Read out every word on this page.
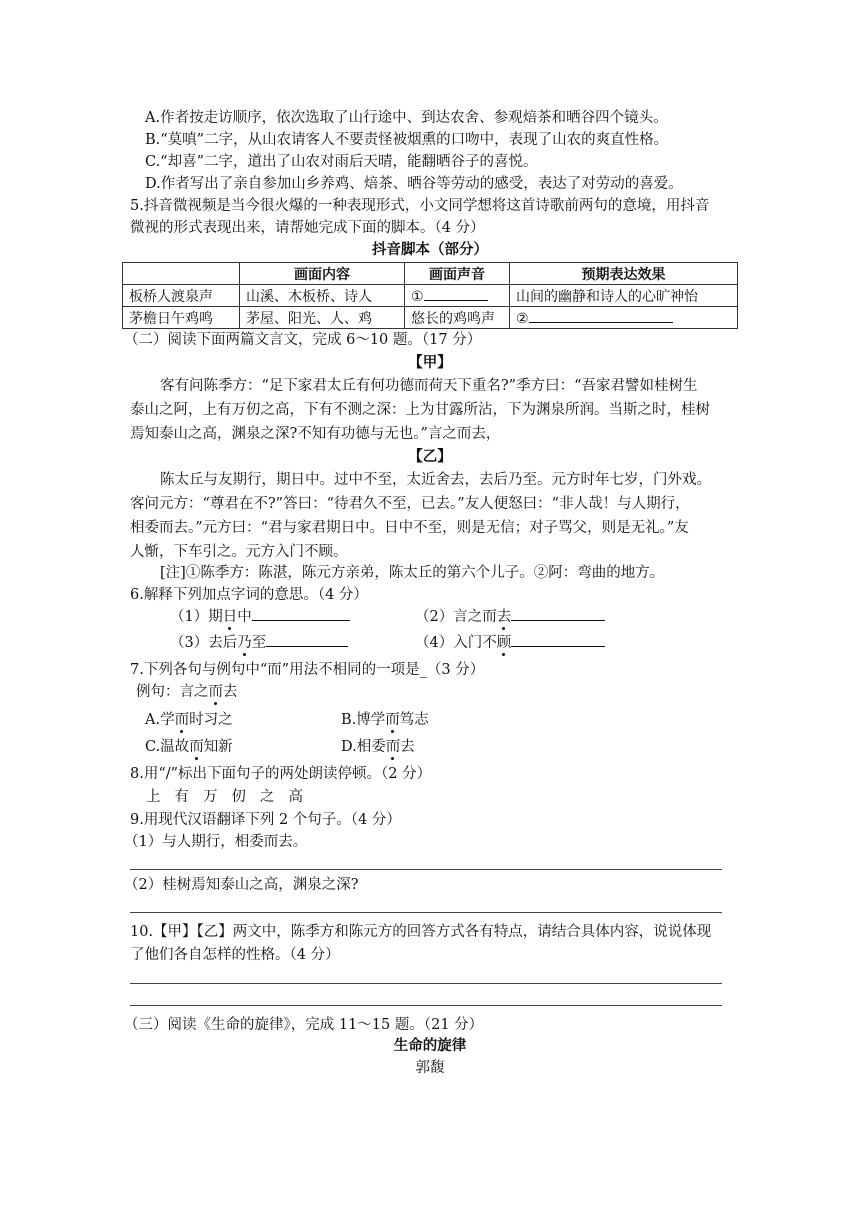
A.作者按走访顺序，依次选取了山行途中、到达农舍、参观焙茶和晒谷四个镜头。
B.“莫嗔”二字，从山农请客人不要责怪被烟熏的口吻中，表现了山农的爽直性格。
C.“却喜”二字，道出了山农对雨后天晴，能翻晒谷子的喜悦。
D.作者写出了亲自参加山乡养鸡、焙茶、晒谷等劳动的感受，表达了对劳动的喜爱。
5.抖音微视频是当今很火爆的一种表现形式，小文同学想将这首诗歌前两句的意境，用抖音
微视的形式表现出来，请帮她完成下面的脚本。（4 分）
抖音脚本（部分）
	画面内容	画面声音	预期表达效果
板桥人渡泉声	山溪、木板桥、诗人	①	山间的幽静和诗人的心旷神怡
茅檐日午鸡鸣	茅屋、阳光、人、鸡	悠长的鸡鸣声	②
（二）阅读下面两篇文言文，完成 6～10 题。（17 分）
【甲】
客有问陈季方：“足下家君太丘有何功德而荷天下重名?”季方曰：“吾家君譬如桂树生
泰山之阿，上有万仞之高，下有不测之深：上为甘露所沾，下为渊泉所润。当斯之时，桂树
焉知泰山之高，渊泉之深?不知有功德与无也。”言之而去，
【乙】
陈太丘与友期行，期日中。过中不至，太近舍去，去后乃至。元方时年七岁，门外戏。
客问元方：“尊君在不?”答曰：“待君久不至，已去。”友人便怒曰：“非人哉！与人期行，
相委而去。”元方曰：“君与家君期日中。日中不至，则是无信；对子骂父，则是无礼。”友
人惭，下车引之。元方入门不顾。
[注]①陈季方：陈湛，陈元方亲弟，陈太丘的第六个儿子。②阿：弯曲的地方。
6.解释下列加点字词的意思。（4 分）
（1）期日中	（2）言之而去
（3）去后乃至	（4）入门不顾
7.下列各句与例句中“而”用法不相同的一项是_（3 分）
例句：言之而去
A.学而时习之	B.博学而笃志
C.温故而知新	D.相委而去
8.用“/”标出下面句子的两处朗读停顿。（2 分）
上有万仞之高
9.用现代汉语翻译下列 2 个句子。（4 分）
（1）与人期行，相委而去。
（2）桂树焉知泰山之高，渊泉之深?
10.【甲】【乙】两文中，陈季方和陈元方的回答方式各有特点，请结合具体内容，说说体现
了他们各自怎样的性格。（4 分）
（三）阅读《生命的旋律》，完成 11～15 题。（21 分）
生命的旋律
郭馥
